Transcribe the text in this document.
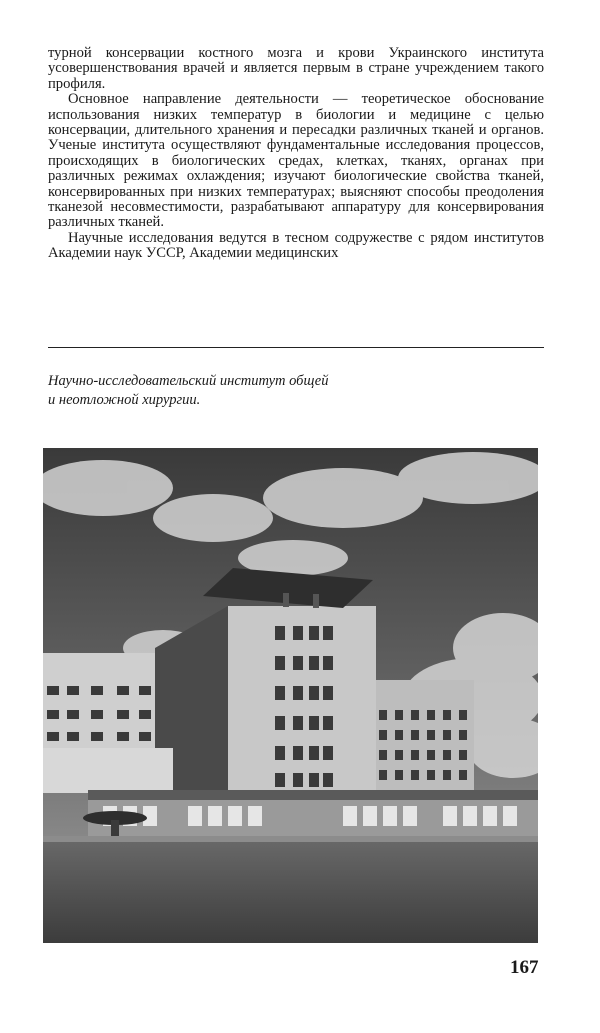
турной консервации костного мозга и крови Украинского института усовершенствования врачей и является первым в стране учреждением такого профиля.

Основное направление деятельности — теоретическое обоснование использования низких температур в биологии и медицине с целью консервации, длительного хранения и пересадки различных тканей и органов. Ученые института осуществляют фундаментальные исследования процессов, происходящих в биологических средах, клетках, тканях, органах при различных режимах охлаждения; изучают биологические свойства тканей, консервированных при низких температурах; выясняют способы преодоления тканезой несовместимости, разрабатывают аппаратуру для консервирования различных тканей.

Научные исследования ведутся в тесном содружестве с рядом институтов Академии наук УССР, Академии медицинских

Научно-исследовательский институт общей
и неотложной хирургии.
167
